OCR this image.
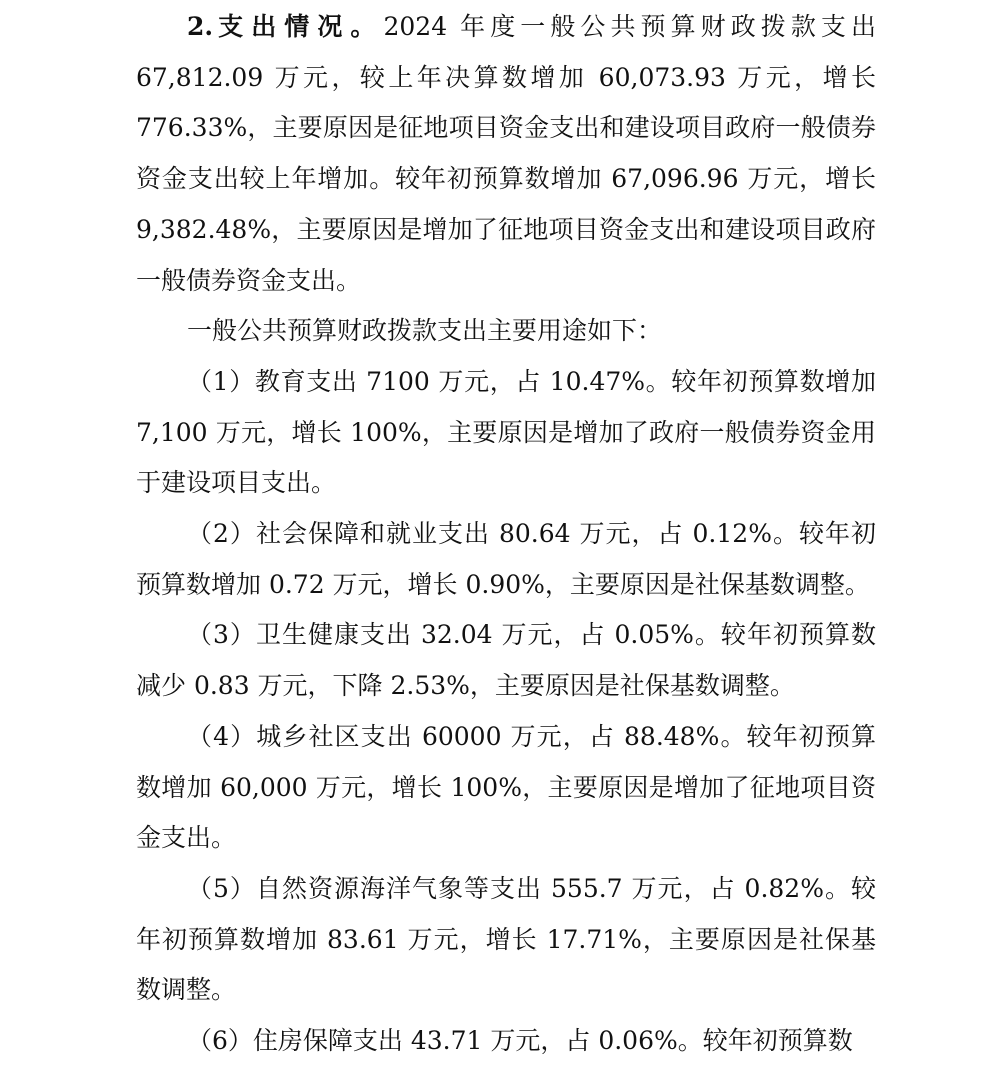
2.支出情况。2024 年度一般公共预算财政拨款支出 67,812.09 万元，较上年决算数增加 60,073.93 万元，增长 776.33%，主要原因是征地项目资金支出和建设项目政府一般债券资金支出较上年增加。较年初预算数增加 67,096.96 万元，增长 9,382.48%，主要原因是增加了征地项目资金支出和建设项目政府一般债券资金支出。

一般公共预算财政拨款支出主要用途如下：

（1）教育支出 7100 万元，占 10.47%。较年初预算数增加 7,100 万元，增长 100%，主要原因是增加了政府一般债券资金用于建设项目支出。

（2）社会保障和就业支出 80.64 万元，占 0.12%。较年初预算数增加 0.72 万元，增长 0.90%，主要原因是社保基数调整。

（3）卫生健康支出 32.04 万元，占 0.05%。较年初预算数减少 0.83 万元，下降 2.53%，主要原因是社保基数调整。

（4）城乡社区支出 60000 万元，占 88.48%。较年初预算数增加 60,000 万元，增长 100%，主要原因是增加了征地项目资金支出。

（5）自然资源海洋气象等支出 555.7 万元，占 0.82%。较年初预算数增加 83.61 万元，增长 17.71%，主要原因是社保基数调整。

（6）住房保障支出 43.71 万元，占 0.06%。较年初预算数
